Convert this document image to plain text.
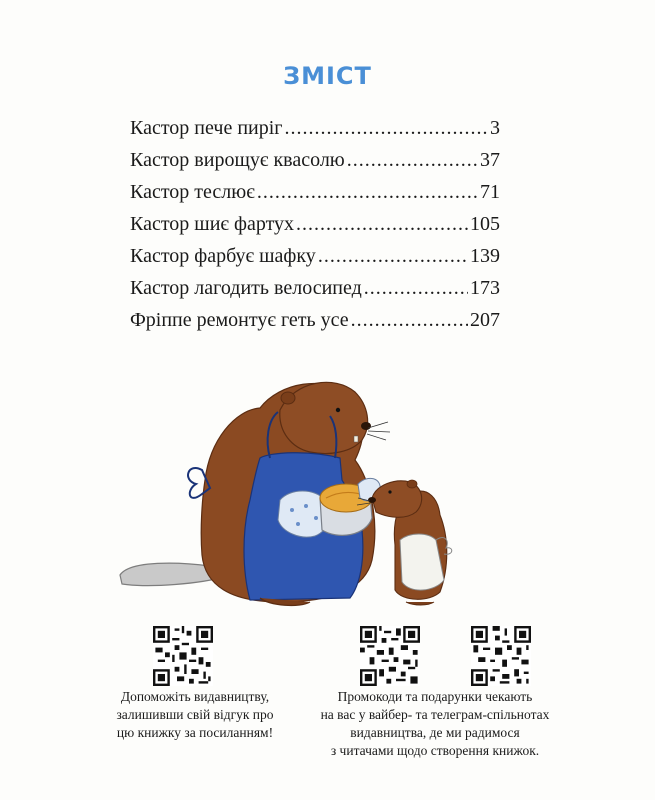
ЗМІСТ
Кастор пече пиріг .....	3
Кастор вирощує квасолю .....	37
Кастор теслює .....	71
Кастор шиє фартух .....	105
Кастор фарбує шафку .....	139
Кастор лагодить велосипед .....	173
Фріппе ремонтує геть усе .....	207
Допоможіть видавництву,
залишивши свій відгук про
цю книжку за посиланням!
Промокоди та подарунки чекають
на вас у вайбер- та телеграм-спільнотах
видавництва, де ми радимося
з читачами щодо створення книжок.
